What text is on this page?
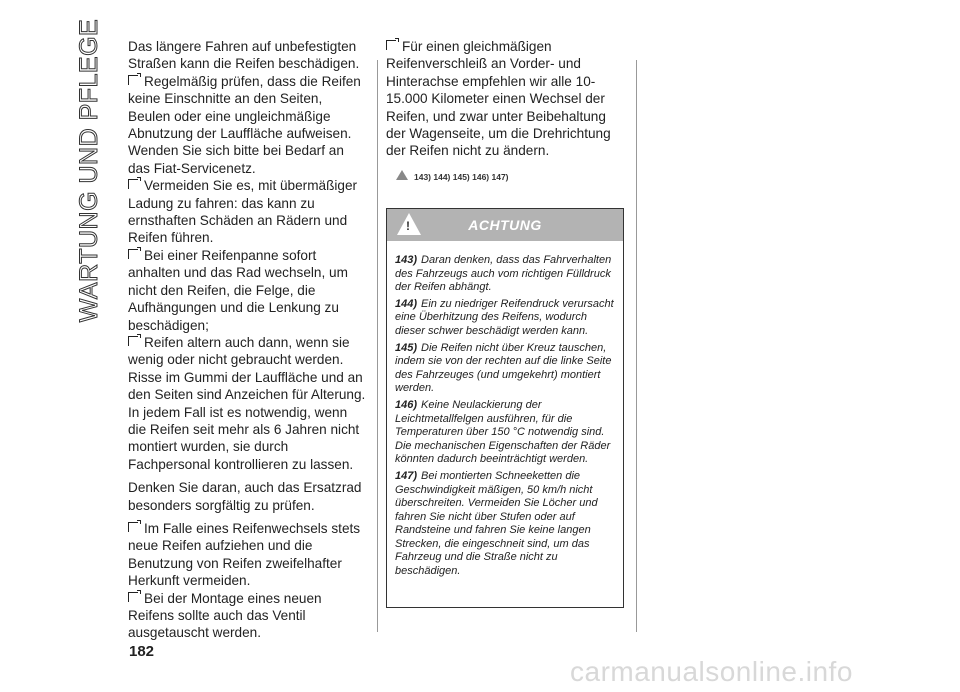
WARTUNG UND PFLEGE Das längere Fahren auf unbefestigten Straßen kann die Reifen beschädigen.

Regelmäßig prüfen, dass die Reifen keine Einschnitte an den Seiten, Beulen oder eine ungleichmäßige Abnutzung der Lauffläche aufweisen. Wenden Sie sich bitte bei Bedarf an das Fiat-Servicenetz.

Vermeiden Sie es, mit übermäßiger Ladung zu fahren: das kann zu ernsthaften Schäden an Rädern und Reifen führen.

Bei einer Reifenpanne sofort anhalten und das Rad wechseln, um nicht den Reifen, die Felge, die Aufhängungen und die Lenkung zu beschädigen;

Reifen altern auch dann, wenn sie wenig oder nicht gebraucht werden. Risse im Gummi der Lauffläche und an den Seiten sind Anzeichen für Alterung. In jedem Fall ist es notwendig, wenn die Reifen seit mehr als 6 Jahren nicht montiert wurden, sie durch Fachpersonal kontrollieren zu lassen.

Denken Sie daran, auch das Ersatzrad besonders sorgfältig zu prüfen.

Im Falle eines Reifenwechsels stets neue Reifen aufziehen und die Benutzung von Reifen zweifelhafter Herkunft vermeiden.

Bei der Montage eines neuen Reifens sollte auch das Ventil ausgetauscht werden.

Für einen gleichmäßigen Reifenverschleiß an Vorder- und Hinterachse empfehlen wir alle 10-15.000 Kilometer einen Wechsel der Reifen, und zwar unter Beibehaltung der Wagenseite, um die Drehrichtung der Reifen nicht zu ändern.

143) 144) 145) 146) 147)
!	ACHTUNG

143) Daran denken, dass das Fahrverhalten des Fahrzeugs auch vom richtigen Fülldruck der Reifen abhängt.

144) Ein zu niedriger Reifendruck verursacht eine Überhitzung des Reifens, wodurch dieser schwer beschädigt werden kann.

145) Die Reifen nicht über Kreuz tauschen, indem sie von der rechten auf die linke Seite des Fahrzeuges (und umgekehrt) montiert werden.

146) Keine Neulackierung der Leichtmetallfelgen ausführen, für die Temperaturen über 150 °C notwendig sind. Die mechanischen Eigenschaften der Räder könnten dadurch beeinträchtigt werden.

147) Bei montierten Schneeketten die Geschwindigkeit mäßigen, 50 km/h nicht überschreiten. Vermeiden Sie Löcher und fahren Sie nicht über Stufen oder auf Randsteine und fahren Sie keine langen Strecken, die eingeschneit sind, um das Fahrzeug und die Straße nicht zu beschädigen.

182
carmanualsonline.info
